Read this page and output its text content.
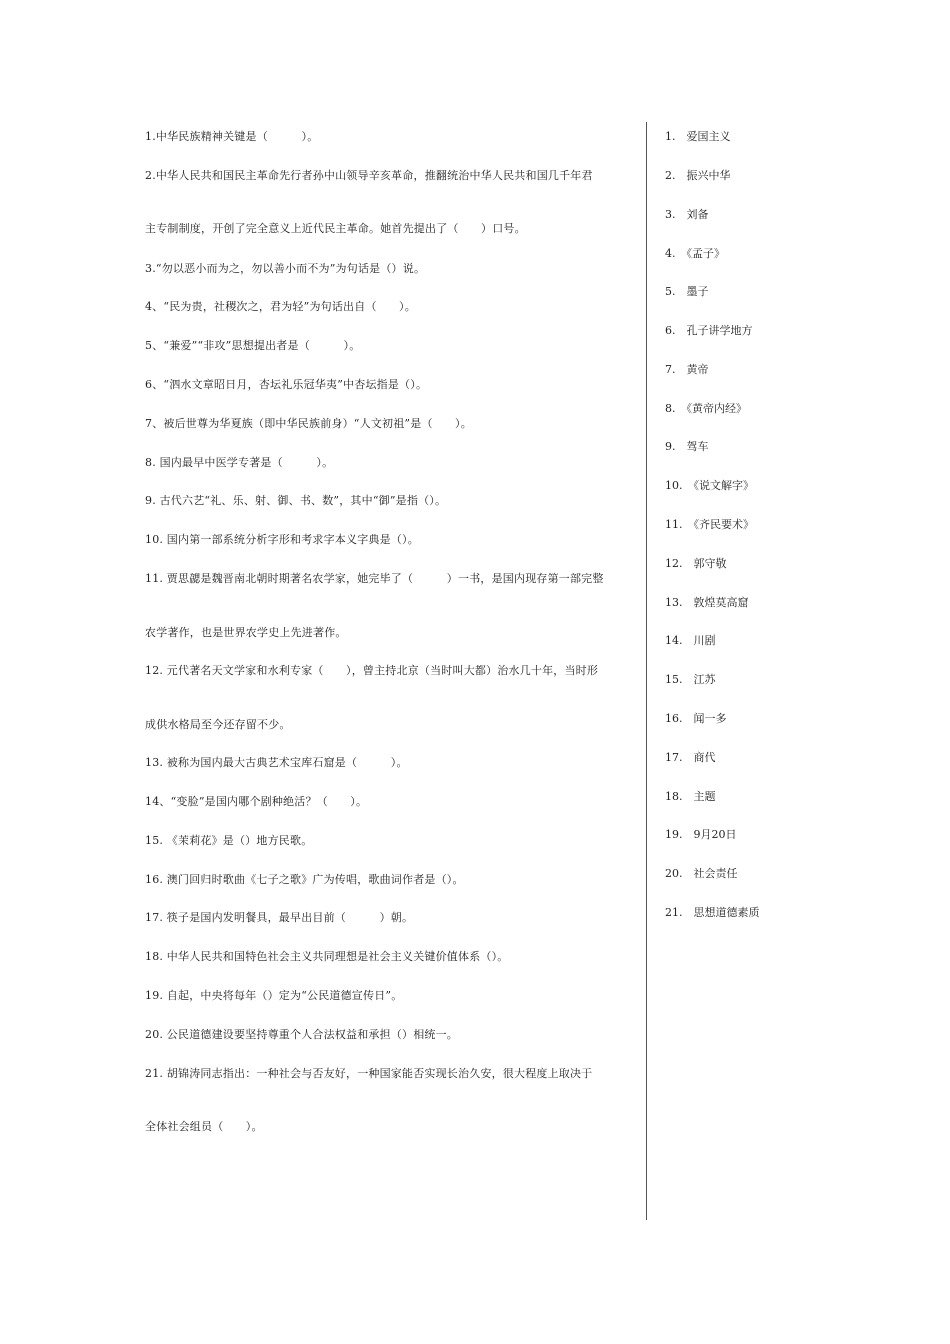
1.中华民族精神关键是（　　　）。
2.中华人民共和国民主革命先行者孙中山领导辛亥革命，推翻统治中华人民共和国几千年君
主专制制度，开创了完全意义上近代民主革命。她首先提出了（　　）口号。
3.“勿以恶小而为之，勿以善小而不为”为句话是（）说。
4、“民为贵，社稷次之，君为轻”为句话出自（　　）。
5、“兼爱”“非攻”思想提出者是（　　　）。
6、“泗水文章昭日月，杏坛礼乐冠华夷”中杏坛指是（）。
7、被后世尊为华夏族（即中华民族前身）“人文初祖”是（　　）。
8. 国内最早中医学专著是（　　　）。
9. 古代六艺“礼、乐、射、御、书、数”，其中“御”是指（）。
10. 国内第一部系统分析字形和考求字本义字典是（）。
11. 贾思勰是魏晋南北朝时期著名农学家，她完毕了（　　　）一书，是国内现存第一部完整
农学著作，也是世界农学史上先进著作。
12. 元代著名天文学家和水利专家（　　），曾主持北京（当时叫大都）治水几十年，当时形
成供水格局至今还存留不少。
13. 被称为国内最大古典艺术宝库石窟是（　　　）。
14、“变脸”是国内哪个剧种绝活？（　　）。
15. 《茉莉花》是（）地方民歌。
16. 澳门回归时歌曲《七子之歌》广为传唱，歌曲词作者是（）。
17. 筷子是国内发明餐具，最早出目前（　　　）朝。
18. 中华人民共和国特色社会主义共同理想是社会主义关键价值体系（）。
19. 自起，中央将每年（）定为“公民道德宣传日”。
20. 公民道德建设要坚持尊重个人合法权益和承担（）相统一。
21. 胡锦涛同志指出：一种社会与否友好，一种国家能否实现长治久安，很大程度上取决于
全体社会组员（　　）。
1.　爱国主义
2.　振兴中华
3.　刘备
4.　《孟子》
5.　墨子
6.　孔子讲学地方
7.　黄帝
8.　《黄帝内经》
9.　驾车
10.　《说文解字》
11.　《齐民要术》
12.　郭守敬
13.　敦煌莫高窟
14.　川剧
15.　江苏
16.　闻一多
17.　商代
18.　主题
19.　9月20日
20.　社会责任
21.　思想道德素质
